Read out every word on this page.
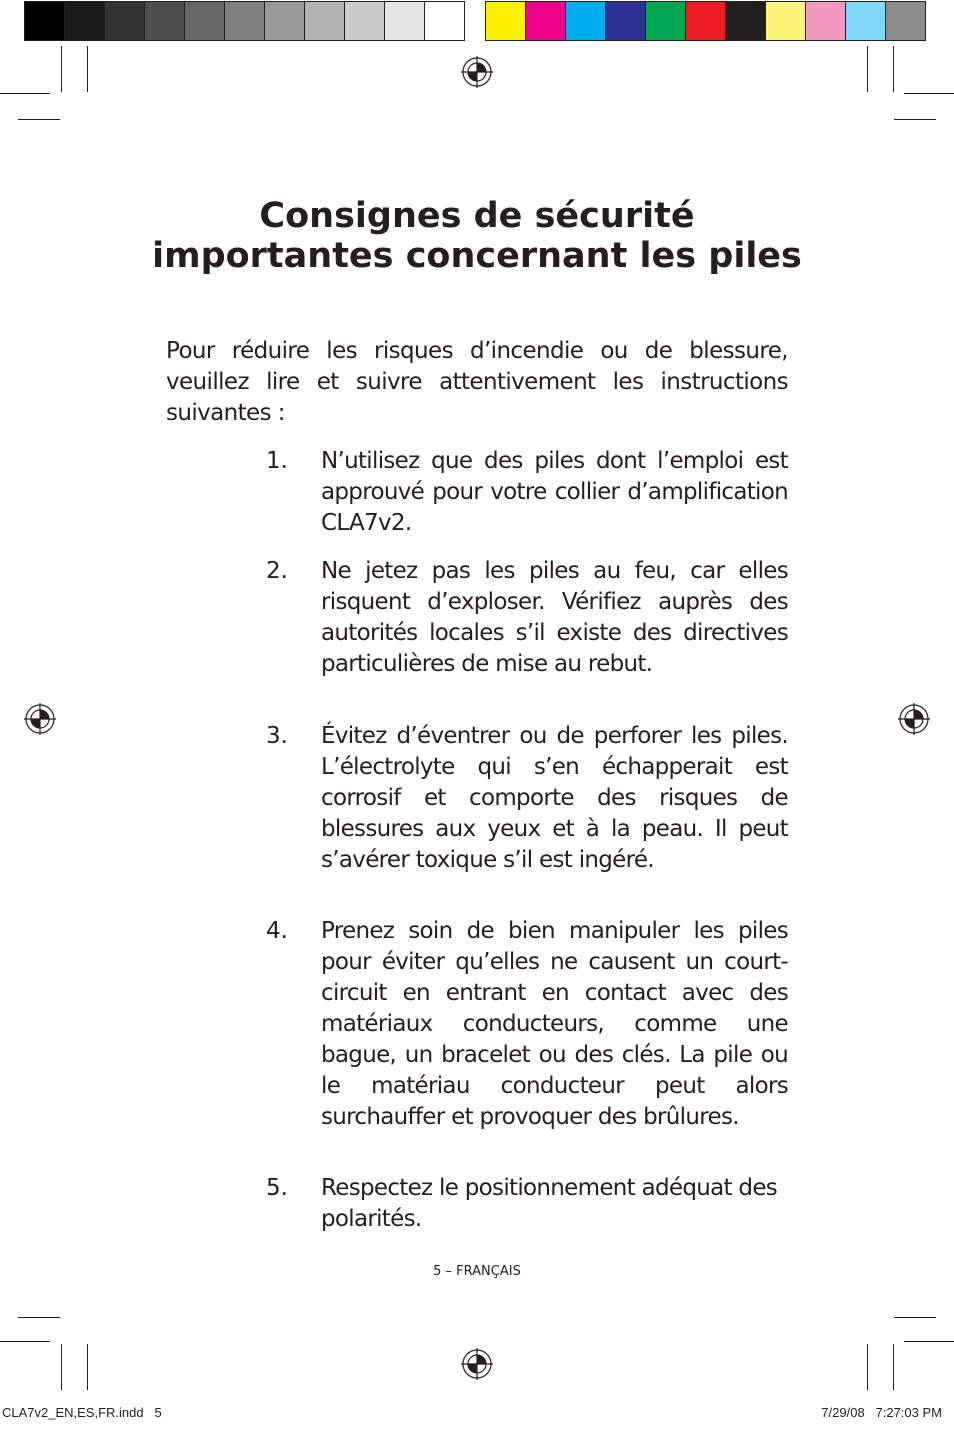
Consignes de sécurité importantes concernant les piles

Pour réduire les risques d’incendie ou de blessure, veuillez lire et suivre attentivement les instructions suivantes :

1.	N’utilisez que des piles dont l’emploi est approuvé pour votre collier d’amplification CLA7v2.
2.	Ne jetez pas les piles au feu, car elles risquent d’exploser. Vérifiez auprès des autorités locales s’il existe des directives particulières de mise au rebut.
3.	Évitez d’éventrer ou de perforer les piles. L’électrolyte qui s’en échapperait est corrosif et comporte des risques de blessures aux yeux et à la peau. Il peut s’avérer toxique s’il est ingéré.
4.	Prenez soin de bien manipuler les piles pour éviter qu’elles ne causent un court-circuit en entrant en contact avec des matériaux conducteurs, comme une bague, un bracelet ou des clés. La pile ou le matériau conducteur peut alors surchauffer et provoquer des brûlures.
5.	Respectez le positionnement adéquat des polarités.
5 – FRANÇAIS
CLA7v2_EN,ES,FR.indd   5	7/29/08   7:27:03 PM
